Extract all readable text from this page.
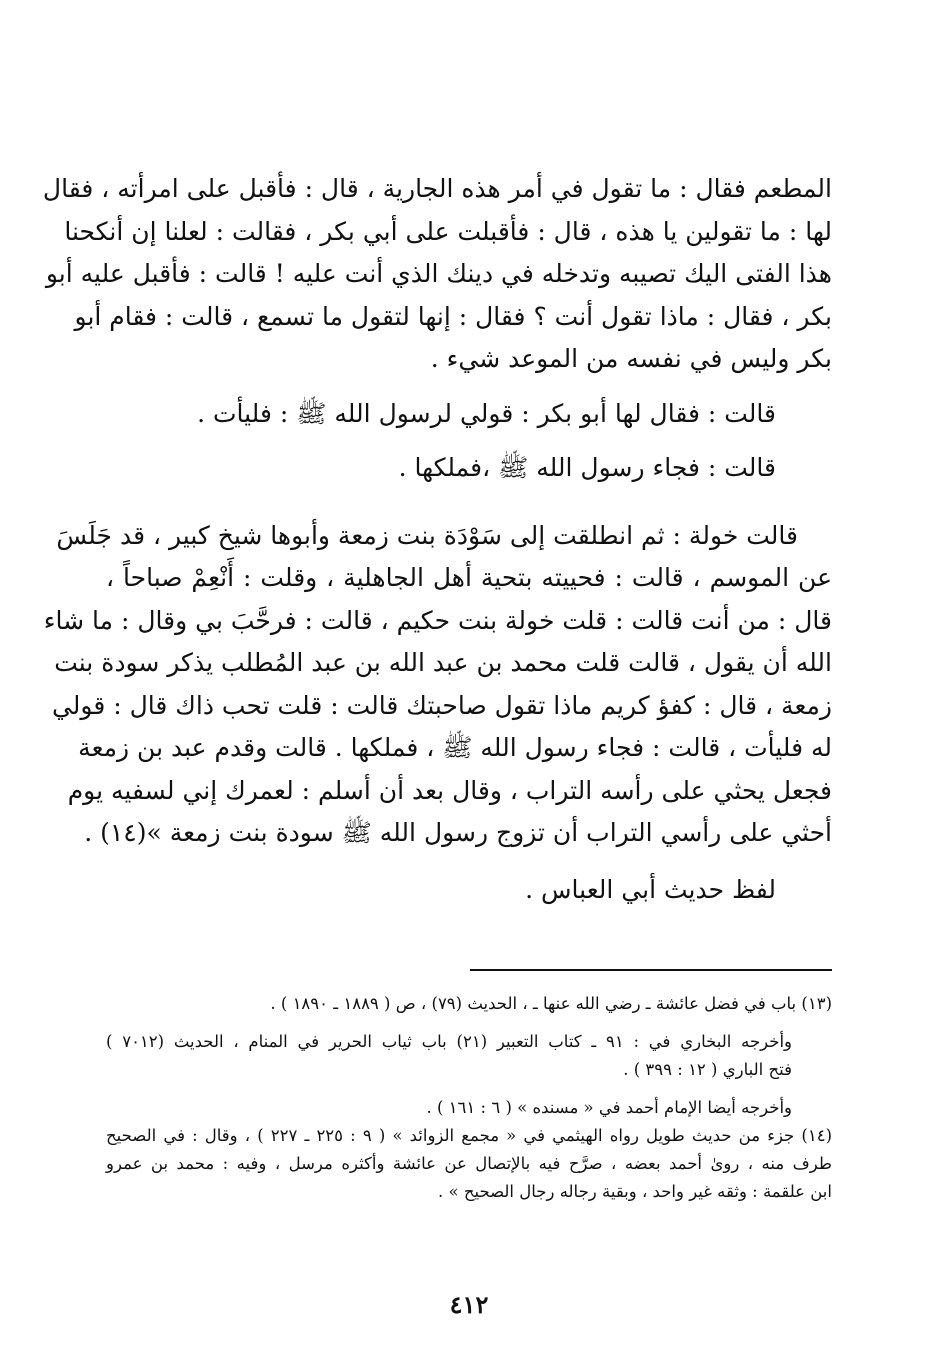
المطعم فقال : ما تقول في أمر هذه الجارية ، قال : فأقبل على امرأته ، فقال
لها : ما تقولين يا هذه ، قال : فأقبلت على أبي بكر ، فقالت : لعلنا إن أنكحنا
هذا الفتى اليك تصيبه وتدخله في دينك الذي أنت عليه ! قالت : فأقبل عليه أبو
بكر ، فقال : ماذا تقول أنت ؟ فقال : إنها لتقول ما تسمع ، قالت : فقام أبو
بكر وليس في نفسه من الموعد شيء .
قالت : فقال لها أبو بكر : قولي لرسول الله ﷺ : فليأت .
قالت : فجاء رسول الله ﷺ ،فملكها .
قالت خولة : ثم انطلقت إلى سَوْدَة بنت زمعة وأبوها شيخ كبير ، قد جَلَسَ
عن الموسم ، قالت : فحييته بتحية أهل الجاهلية ، وقلت : أَنْعِمْ صباحاً ،
قال : من أنت قالت : قلت خولة بنت حكيم ، قالت : فرحَّبَ بي وقال : ما شاء
الله أن يقول ، قالت قلت محمد بن عبد الله بن عبد المُطلب يذكر سودة بنت
زمعة ، قال : كفؤ كريم ماذا تقول صاحبتك قالت : قلت تحب ذاك قال : قولي
له فليأت ، قالت : فجاء رسول الله ﷺ ، فملكها . قالت وقدم عبد بن زمعة
فجعل يحثي على رأسه التراب ، وقال بعد أن أسلم : لعمرك إني لسفيه يوم
أحثي على رأسي التراب أن تزوج رسول الله ﷺ سودة بنت زمعة »(١٤) .
لفظ حديث أبي العباس .
(١٣) باب في فضل عائشة ـ رضي الله عنها ـ ، الحديث (٧٩) ، ص ( ١٨٨٩ ـ ١٨٩٠ ) .
وأخرجه البخاري في : ٩١ ـ كتاب التعبير (٢١) باب ثياب الحرير في المنام ، الحديث (٧٠١٢ )
فتح الباري ( ١٢ : ٣٩٩ ) .
وأخرجه أيضا الإمام أحمد في « مسنده » ( ٦ : ١٦١ ) .
(١٤) جزء من حديث طويل رواه الهيثمي في « مجمع الزوائد » ( ٩ : ٢٢٥ ـ ٢٢٧ ) ، وقال : في الصحيح
طرف منه ، روىٰ أحمد بعضه ، صرَّح فيه بالإتصال عن عائشة وأكثره مرسل ، وفيه : محمد بن عمرو
ابن علقمة : وثقه غير واحد ، وبقية رجاله رجال الصحيح » .
٤١٢
